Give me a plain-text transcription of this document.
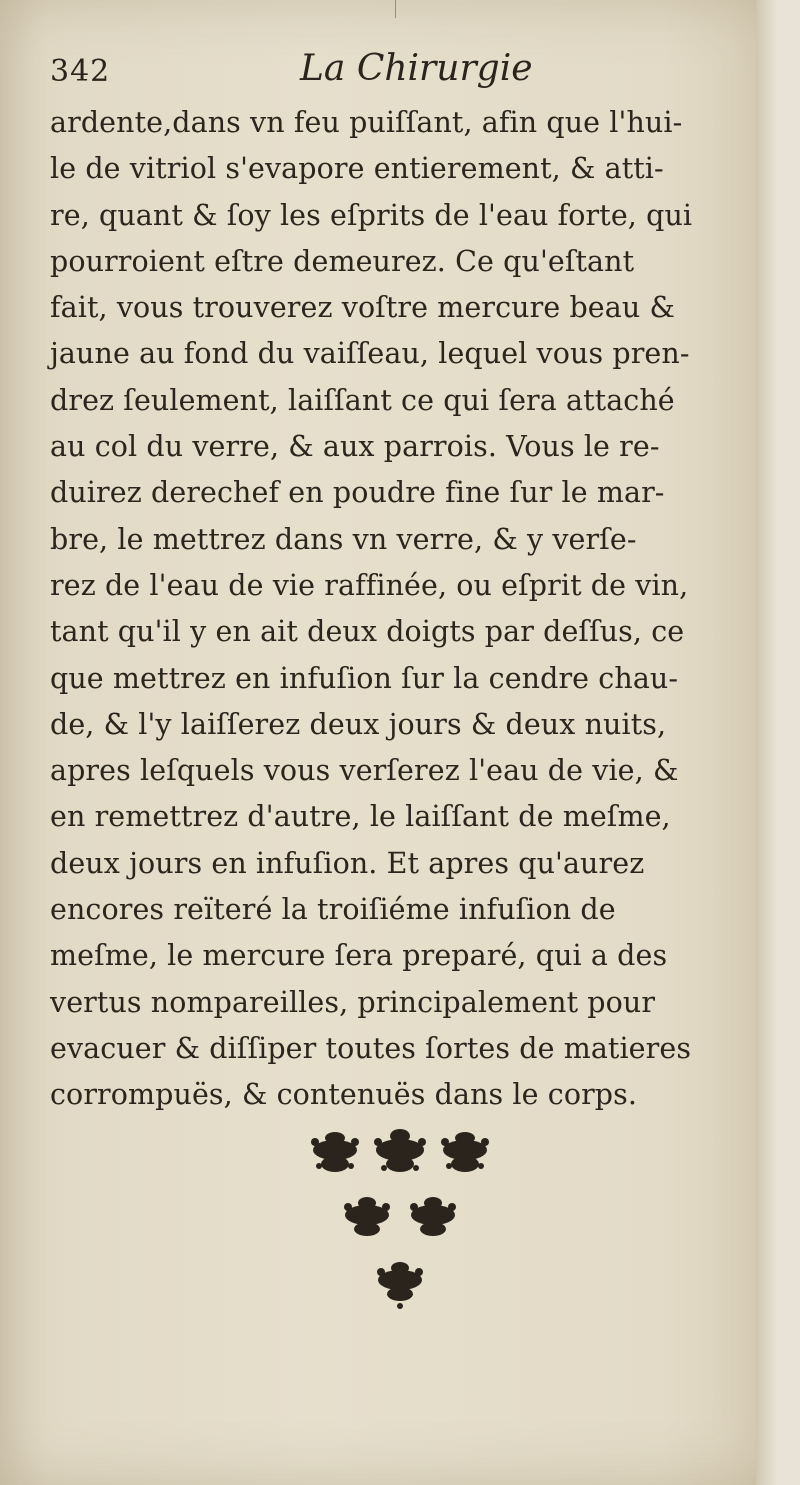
342	La Chirurgie
ardente,dans vn feu puiſſant, afin que l'hui-
le de vitriol s'evapore entierement, & atti-
re, quant & ſoy les eſprits de l'eau forte, qui
pourroient eſtre demeurez. Ce qu'eſtant
fait, vous trouverez voſtre mercure beau &
jaune au fond du vaiſſeau, lequel vous pren-
drez ſeulement, laiſſant ce qui ſera attaché
au col du verre, & aux parrois. Vous le re-
duirez derechef en poudre fine ſur le mar-
bre, le mettrez dans vn verre, & y verſe-
rez de l'eau de vie raffinée, ou eſprit de vin,
tant qu'il y en ait deux doigts par deſſus, ce
que mettrez en infuſion ſur la cendre chau-
de, & l'y laiſſerez deux jours & deux nuits,
apres leſquels vous verſerez l'eau de vie, &
en remettrez d'autre, le laiſſant de meſme,
deux jours en infuſion. Et apres qu'aurez
encores reïteré la troiſiéme infuſion de
meſme, le mercure ſera preparé, qui a des
vertus nompareilles, principalement pour
evacuer & diſſiper toutes ſortes de matieres
corrompuës, & contenuës dans le corps.
